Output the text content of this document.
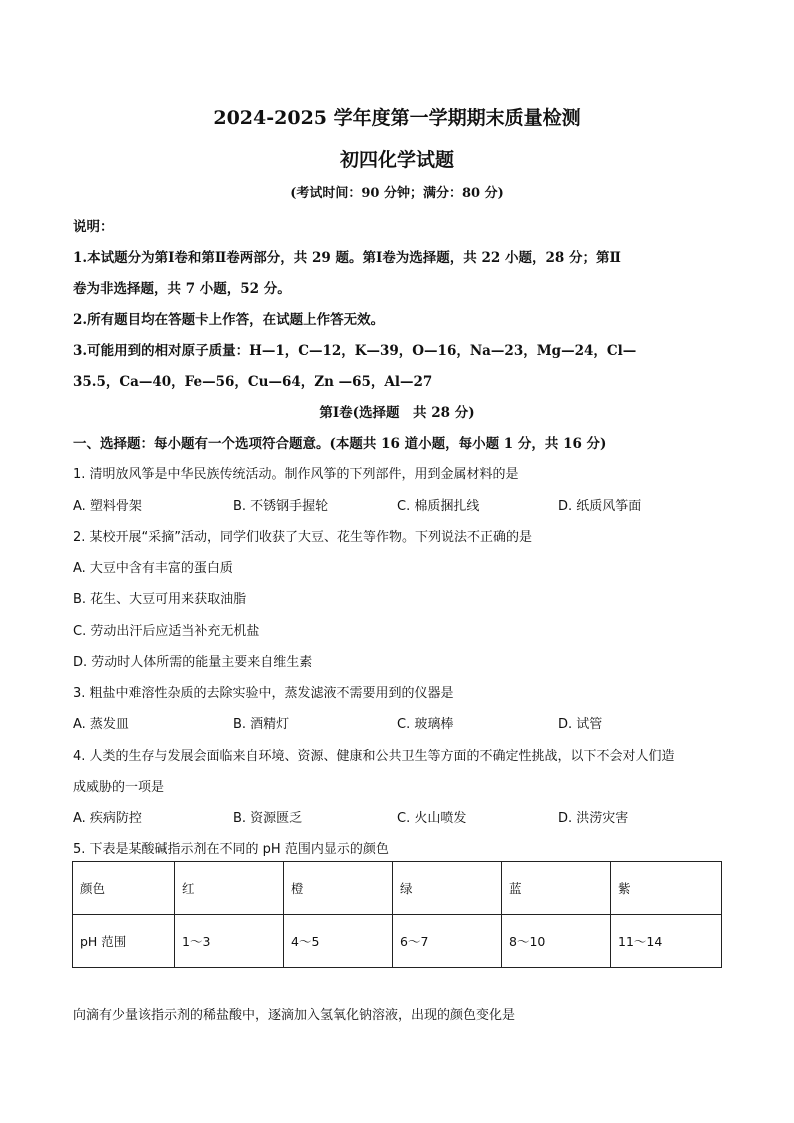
2024-2025 学年度第一学期期末质量检测
初四化学试题
(考试时间：90 分钟；满分：80 分)
说明：
1.本试题分为第Ⅰ卷和第Ⅱ卷两部分，共 29 题。第Ⅰ卷为选择题，共 22 小题，28 分；第Ⅱ
卷为非选择题，共 7 小题，52 分。
2.所有题目均在答题卡上作答，在试题上作答无效。
3.可能用到的相对原子质量：H—1，C—12，K—39，O—16，Na—23，Mg—24，Cl—
35.5，Ca—40，Fe—56，Cu—64，Zn —65，Al—27
第Ⅰ卷(选择题　共 28 分)
一、选择题：每小题有一个选项符合题意。(本题共 16 道小题，每小题 1 分，共 16 分)
1. 清明放风筝是中华民族传统活动。制作风筝的下列部件，用到金属材料的是
A. 塑料骨架	B. 不锈钢手握轮	C. 棉质捆扎线	D. 纸质风筝面
2. 某校开展“采摘”活动，同学们收获了大豆、花生等作物。下列说法不正确的是
A. 大豆中含有丰富的蛋白质
B. 花生、大豆可用来获取油脂
C. 劳动出汗后应适当补充无机盐
D. 劳动时人体所需的能量主要来自维生素
3. 粗盐中难溶性杂质的去除实验中，蒸发滤液不需要用到的仪器是
A. 蒸发皿	B. 酒精灯	C. 玻璃棒	D. 试管
4. 人类的生存与发展会面临来自环境、资源、健康和公共卫生等方面的不确定性挑战，以下不会对人们造
成威胁的一项是
A. 疾病防控	B. 资源匮乏	C. 火山喷发	D. 洪涝灾害
5. 下表是某酸碱指示剂在不同的 pH 范围内显示的颜色
颜色	红	橙	绿	蓝	紫
pH 范围	1～3	4～5	6～7	8～10	11～14
向滴有少量该指示剂的稀盐酸中，逐滴加入氢氧化钠溶液，出现的颜色变化是
